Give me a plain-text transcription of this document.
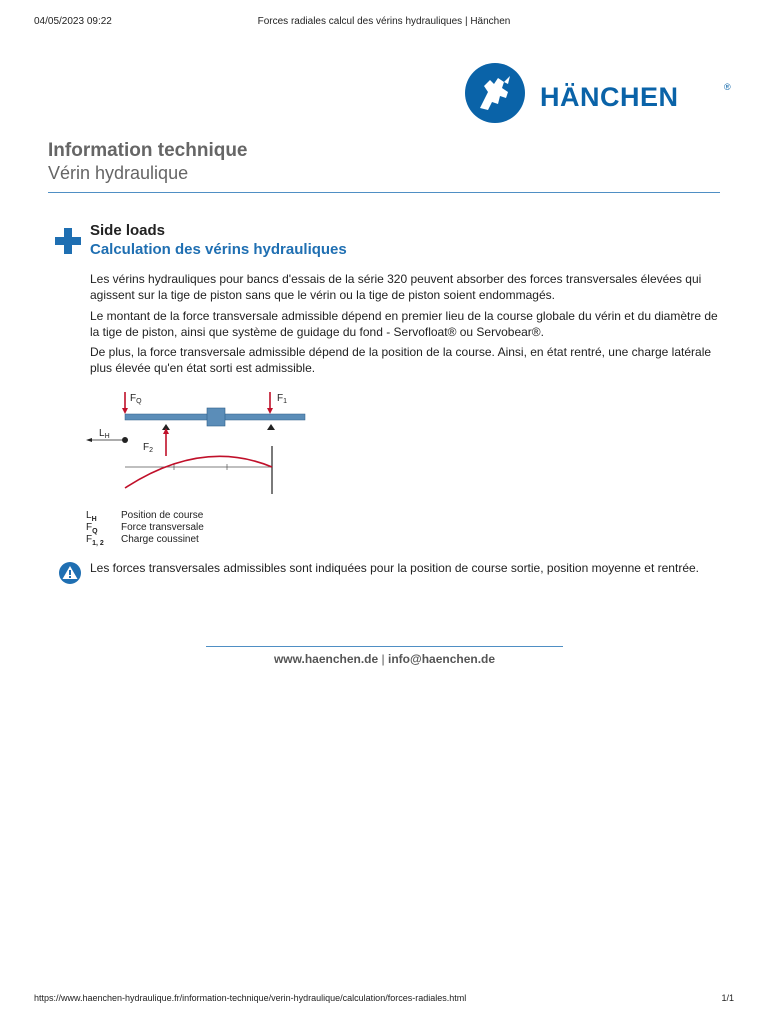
04/05/2023 09:22	Forces radiales calcul des vérins hydrauliques | Hänchen
HÄNCHEN	®
Information technique
Vérin hydraulique
Side loads
Calculation des vérins hydrauliques

Les vérins hydrauliques pour bancs d'essais de la série 320 peuvent absorber des forces transversales élevées qui agissent sur la tige de piston sans que le vérin ou la tige de piston soient endommagés.

Le montant de la force transversale admissible dépend en premier lieu de la course globale du vérin et du diamètre de la tige de piston, ainsi que système de guidage du fond - Servofloat® ou Servobear®.

De plus, la force transversale admissible dépend de la position de la course. Ainsi, en état rentré, une charge latérale plus élevée qu'en état sorti est admissible.

$F_Q$	$F_1$
$F_2$
$L_H$
$L_H$ Position de course
$F_Q$ Force transversale
$F_{1, 2}$ Charge coussinet

Les forces transversales admissibles sont indiquées pour la position de course sortie, position moyenne et rentrée.

www.haenchen.de | info@haenchen.de
https://www.haenchen-hydraulique.fr/information-technique/verin-hydraulique/calculation/forces-radiales.html	1/1
